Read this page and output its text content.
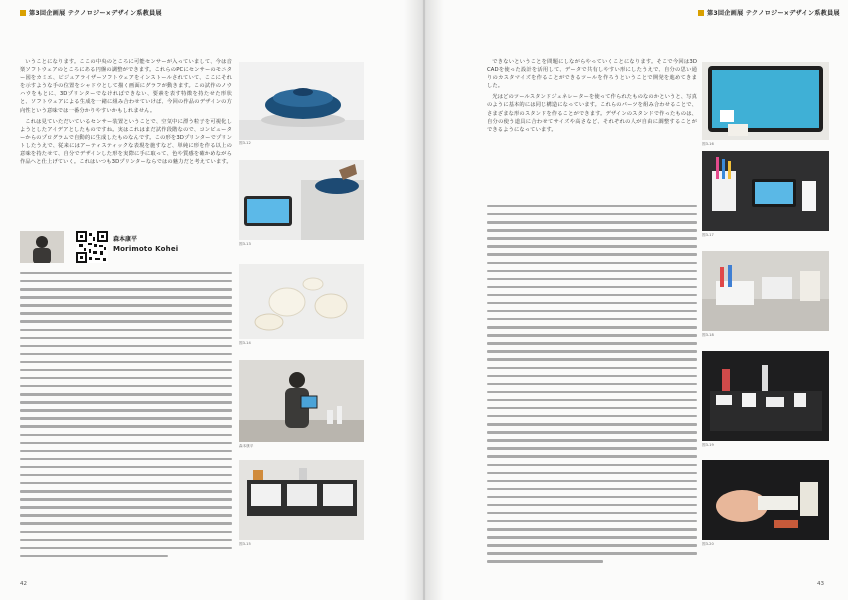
第3回企画展 テクノロジー×デザイン系教員展

いうことになります。ここの中央のところに可能センサーが入っていまして、今は音楽ソフトウェアのところにある円盤の調整ができます。これらのPCにセンサーのモニター図をカミエ、ビジュアライザーソフトウェアをインストールされていて、ここにそれを示すような手の位置をシャドウとして描く画面にグラフが動きます。この試作のノウハウをもとに、3Dプリンターでなければできない、要素を表す特徴を持たせた形状と、ソフトウェアによる生成を一緒に組み合わせていけば、今回の作品のデザインの方向性という意味では一番分かりやすいかもしれません。

これは見ていただいているセンサー装置ということで、空気中に漂う粒子を可視化しようとしたアイデアとしたものですね。実はこれはまだ試作段階なので、コンピューターからのプログラムで自動的に生成したものなんです。この形を3Dプリンターでプリントしたうえで、従来にはアーティスティックな表現を施すなど、単純に形を作る以上の意味を持たせて、自分でデザインした形を実際に手に取って、色や質感を確かめながら作品へと仕上げていく。これはいつも3Dプリンターならではの魅力だと考えています。

森本康平
Morimoto Kohei
図3-12
図3-13
図3-14
森本康平
図3-15
42
第3回企画展 テクノロジー×デザイン系教員展

できないということを問題にしながらやっていくことになります。そこで今回は3D CADを使った設計を活用して、データで共有しやすい形にしたうえで、自分の思い通りのカスタマイズを作ることができるツールを作ろうということで開発を進めてきました。

光はどのツールスタンドジェネレーターを使って作られたものなのかというと、写真のように基本的には同じ構造になっています。これらのパーツを組み合わせることで、さまざまな形のスタンドを作ることができます。デザインのスタンドで作ったものは、自分の使う道具に合わせてサイズや高さなど、それぞれの人が自由に調整することができるようになっています。

図3-16
図3-17
図3-18
図3-19
図3-20
43
